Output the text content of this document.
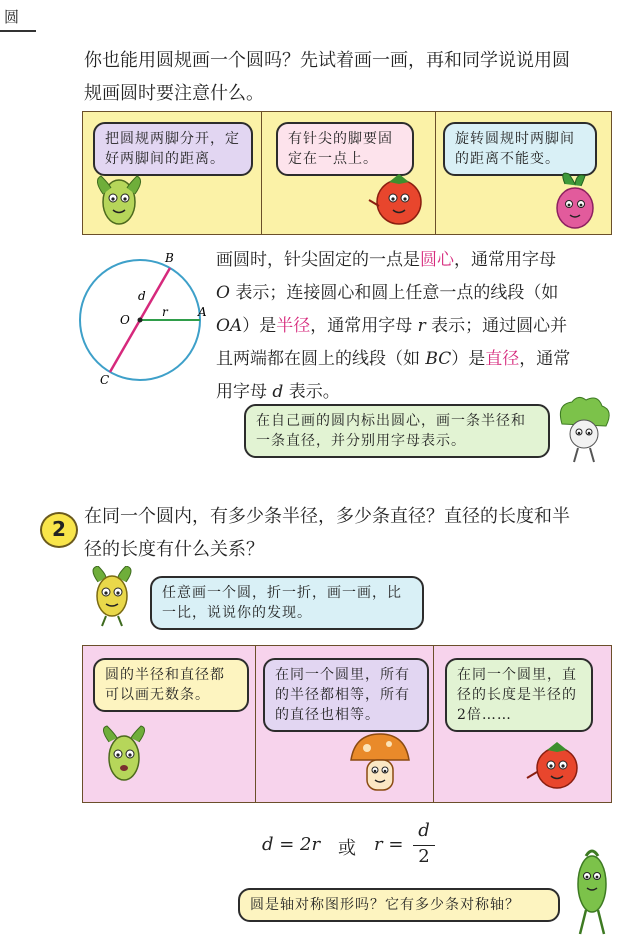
圆
你也能用圆规画一个圆吗？先试着画一画，再和同学说说用圆
规画圆时要注意什么。
把圆规两脚分开，定好两脚间的距离。
有针尖的脚要固定在一点上。
旋转圆规时两脚间的距离不能变。
B
d
O
r	A
C
画圆时，针尖固定的一点是圆心，通常用字母
O 表示；连接圆心和圆上任意一点的线段（如
OA）是半径，通常用字母 r 表示；通过圆心并
且两端都在圆上的线段（如 BC）是直径，通常
用字母 d 表示。
在自己画的圆内标出圆心，画一条半径和一条直径，并分别用字母表示。
2
在同一个圆内，有多少条半径，多少条直径？直径的长度和半
径的长度有什么关系？
任意画一个圆，折一折，画一画，比一比，说说你的发现。
圆的半径和直径都可以画无数条。
在同一个圆里，所有的半径都相等，所有的直径也相等。
在同一个圆里，直径的长度是半径的2倍……
d = 2r 或 r =
d
2
圆是轴对称图形吗？它有多少条对称轴？
